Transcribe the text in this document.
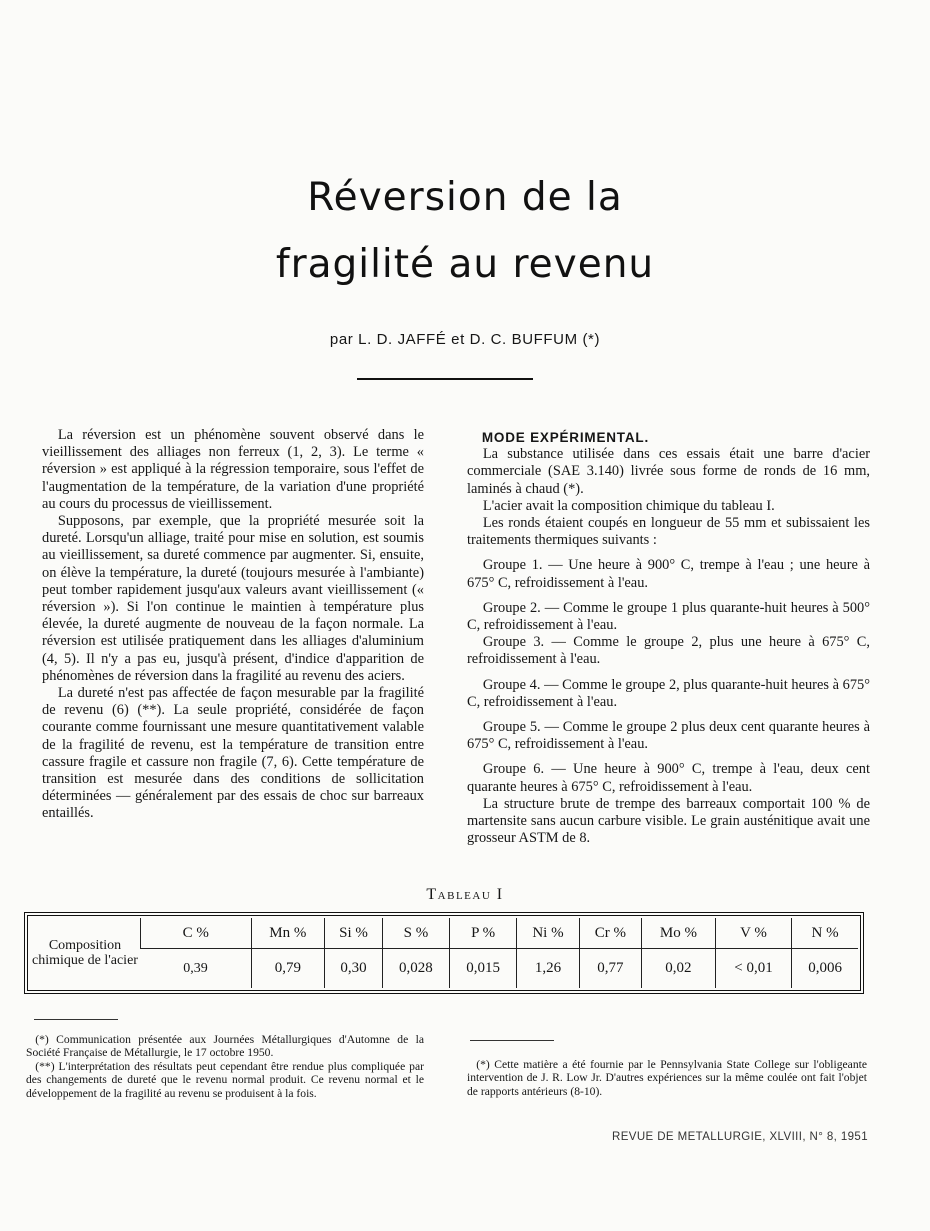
Réversion de la
fragilité au revenu
par L. D. JAFFÉ et D. C. BUFFUM (*)

La réversion est un phénomène souvent observé dans le vieillissement des alliages non ferreux (1, 2, 3). Le terme « réversion » est appliqué à la régression temporaire, sous l'effet de l'augmentation de la température, de la variation d'une propriété au cours du processus de vieillissement.

Supposons, par exemple, que la propriété mesurée soit la dureté. Lorsqu'un alliage, traité pour mise en solution, est soumis au vieillissement, sa dureté commence par augmenter. Si, ensuite, on élève la température, la dureté (toujours mesurée à l'ambiante) peut tomber rapidement jusqu'aux valeurs avant vieillissement (« réversion »). Si l'on continue le maintien à température plus élevée, la dureté augmente de nouveau de la façon normale. La réversion est utilisée pratiquement dans les alliages d'aluminium (4, 5). Il n'y a pas eu, jusqu'à présent, d'indice d'apparition de phénomènes de réversion dans la fragilité au revenu des aciers.

La dureté n'est pas affectée de façon mesurable par la fragilité de revenu (6) (**). La seule propriété, considérée de façon courante comme fournissant une mesure quantitativement valable de la fragilité de revenu, est la température de transition entre cassure fragile et cassure non fragile (7, 6). Cette température de transition est mesurée dans des conditions de sollicitation déterminées — généralement par des essais de choc sur barreaux entaillés.

MODE EXPÉRIMENTAL.

La substance utilisée dans ces essais était une barre d'acier commerciale (SAE 3.140) livrée sous forme de ronds de 16 mm, laminés à chaud (*).

L'acier avait la composition chimique du tableau I.

Les ronds étaient coupés en longueur de 55 mm et subissaient les traitements thermiques suivants :

Groupe 1. — Une heure à 900° C, trempe à l'eau ; une heure à 675° C, refroidissement à l'eau.

Groupe 2. — Comme le groupe 1 plus quarante-huit heures à 500° C, refroidissement à l'eau.

Groupe 3. — Comme le groupe 2, plus une heure à 675° C, refroidissement à l'eau.

Groupe 4. — Comme le groupe 2, plus quarante-huit heures à 675° C, refroidissement à l'eau.

Groupe 5. — Comme le groupe 2 plus deux cent quarante heures à 675° C, refroidissement à l'eau.

Groupe 6. — Une heure à 900° C, trempe à l'eau, deux cent quarante heures à 675° C, refroidissement à l'eau.

La structure brute de trempe des barreaux comportait 100 % de martensite sans aucun carbure visible. Le grain austénitique avait une grosseur ASTM de 8.

Tableau I
Composition chimique de l'acier	C %	Mn %	Si %	S %	P %	Ni %	Cr %	Mo %	V %	N %
	0,39	0,79	0,30	0,028	0,015	1,26	0,77	0,02	< 0,01	0,006

(*) Communication présentée aux Journées Métallurgiques d'Automne de la Société Française de Métallurgie, le 17 octobre 1950.

(**) L'interprétation des résultats peut cependant être rendue plus compliquée par des changements de dureté que le revenu normal produit. Ce revenu normal et le développement de la fragilité au revenu se produisent à la fois.

(*) Cette matière a été fournie par le Pennsylvania State College sur l'obligeante intervention de J. R. Low Jr. D'autres expériences sur la même coulée ont fait l'objet de rapports antérieurs (8-10).

REVUE DE METALLURGIE, XLVIII, N° 8, 1951
